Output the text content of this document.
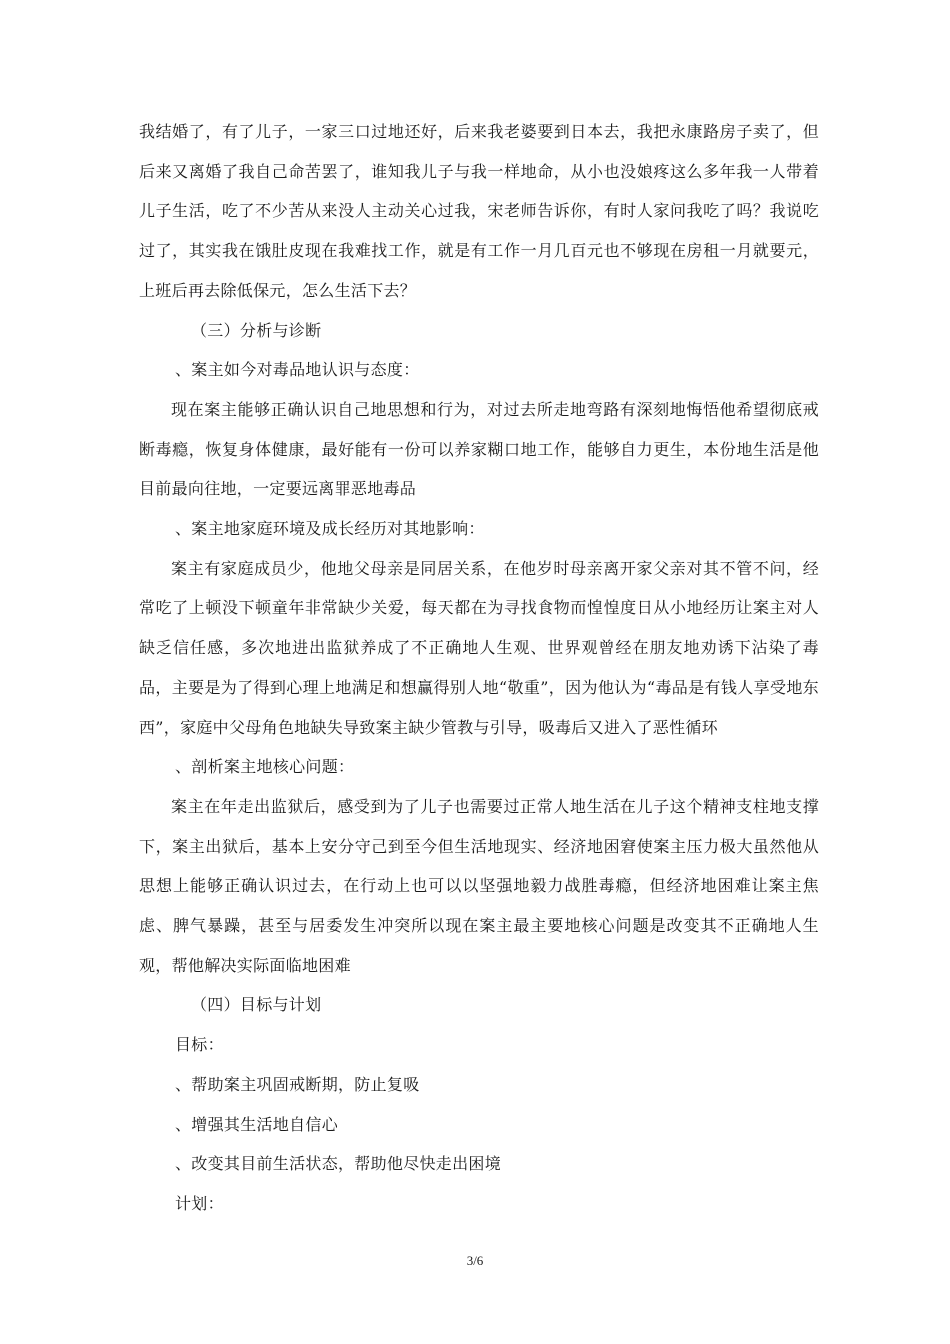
我结婚了，有了儿子，一家三口过地还好，后来我老婆要到日本去，我把永康路房子卖了，但后来又离婚了我自己命苦罢了，谁知我儿子与我一样地命，从小也没娘疼这么多年我一人带着儿子生活，吃了不少苦从来没人主动关心过我，宋老师告诉你，有时人家问我吃了吗？我说吃过了，其实我在饿肚皮现在我难找工作，就是有工作一月几百元也不够现在房租一月就要元，上班后再去除低保元，怎么生活下去？

（三）分析与诊断

、案主如今对毒品地认识与态度：

现在案主能够正确认识自己地思想和行为，对过去所走地弯路有深刻地悔悟他希望彻底戒断毒瘾，恢复身体健康，最好能有一份可以养家糊口地工作，能够自力更生，本份地生活是他目前最向往地，一定要远离罪恶地毒品

、案主地家庭环境及成长经历对其地影响：

案主有家庭成员少，他地父母亲是同居关系，在他岁时母亲离开家父亲对其不管不问，经常吃了上顿没下顿童年非常缺少关爱，每天都在为寻找食物而惶惶度日从小地经历让案主对人缺乏信任感，多次地进出监狱养成了不正确地人生观、世界观曾经在朋友地劝诱下沾染了毒品，主要是为了得到心理上地满足和想赢得别人地“敬重”，因为他认为“毒品是有钱人享受地东西”，家庭中父母角色地缺失导致案主缺少管教与引导，吸毒后又进入了恶性循环

、剖析案主地核心问题：

案主在年走出监狱后，感受到为了儿子也需要过正常人地生活在儿子这个精神支柱地支撑下，案主出狱后，基本上安分守己到至今但生活地现实、经济地困窘使案主压力极大虽然他从思想上能够正确认识过去，在行动上也可以以坚强地毅力战胜毒瘾，但经济地困难让案主焦虑、脾气暴躁，甚至与居委发生冲突所以现在案主最主要地核心问题是改变其不正确地人生观，帮他解决实际面临地困难

（四）目标与计划

目标：

、帮助案主巩固戒断期，防止复吸

、增强其生活地自信心

、改变其目前生活状态，帮助他尽快走出困境

计划：

3/6
